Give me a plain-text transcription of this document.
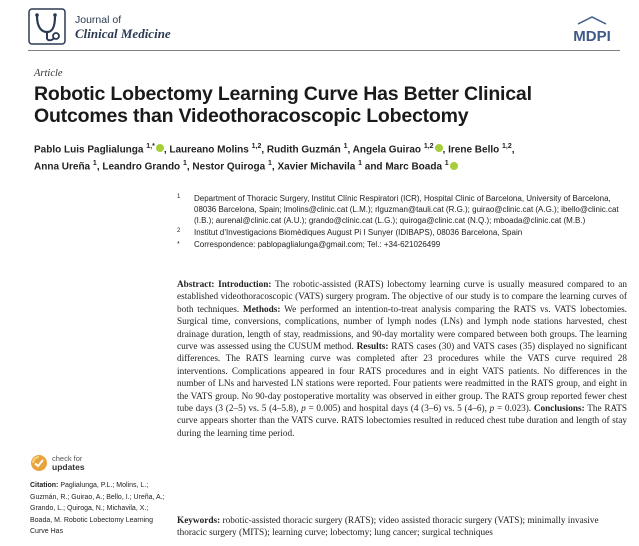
Journal of
Clinical Medicine	MDPI
Article
Robotic Lobectomy Learning Curve Has Better Clinical Outcomes than Videothoracoscopic Lobectomy
Pablo Luis Paglialunga $^{1,*}$ , Laureano Molins $^{1,2}$, Rudith Guzmán $^1$, Angela Guirao $^{1,2}$ , Irene Bello $^{1,2}$,
Anna Ureña $^1$, Leandro Grando $^1$, Nestor Quiroga $^1$, Xavier Michavila $^1$ and Marc Boada $^1$
1 Department of Thoracic Surgery, Institut Clínic Respiratori (ICR), Hospital Clinic of Barcelona, University of Barcelona, 08036 Barcelona, Spain; lmolins@clinic.cat (L.M.); rlguzman@tauli.cat (R.G.); guirao@clinic.cat (A.G.); ibello@clinic.cat (I.B.); aurenal@clinic.cat (A.U.); grando@clinic.cat (L.G.); quiroga@clinic.cat (N.Q.); mboada@clinic.cat (M.B.)
2 Institut d’Investigacions Biomèdiques August Pi I Sunyer (IDIBAPS), 08036 Barcelona, Spain
* Correspondence: pablopaglialunga@gmail.com; Tel.: +34-621026499
Abstract: Introduction: The robotic-assisted (RATS) lobectomy learning curve is usually measured compared to an established videothoracoscopic (VATS) surgery program. The objective of our study is to compare the learning curves of both techniques. Methods: We performed an intention-to-treat analysis comparing the RATS vs. VATS lobectomies. Surgical time, conversions, complications, number of lymph nodes (LNs) and lymph node stations harvested, chest drainage duration, length of stay, readmissions, and 90-day mortality were compared between both groups. The learning curve was assessed using the CUSUM method. Results: RATS cases (30) and VATS cases (35) displayed no significant differences. The RATS learning curve was completed after 23 procedures while the VATS curve required 28 interventions. Complications appeared in four RATS procedures and in eight VATS patients. No differences in the number of LNs and harvested LN stations were reported. Four patients were readmitted in the RATS group, and eight in the VATS group. No 90-day postoperative mortality was observed in either group. The RATS group reported fewer chest tube days (3 (2–5) vs. 5 (4–5.8), p = 0.005) and hospital days (4 (3–6) vs. 5 (4–6), p = 0.023). Conclusions: The RATS curve appears shorter than the VATS curve. RATS lobectomies resulted in reduced chest tube duration and length of stay during the learning time period.
Keywords: robotic-assisted thoracic surgery (RATS); video assisted thoracic surgery (VATS); minimally invasive thoracic surgery (MITS); learning curve; lobectomy; lung cancer; surgical techniques
check for
updates
Citation: Paglialunga, P.L.; Molins, L.; Guzmán, R.; Guirao, A.; Bello, I.; Ureña, A.; Grando, L.; Quiroga, N.; Michavila, X.; Boada, M. Robotic Lobectomy Learning Curve Has
